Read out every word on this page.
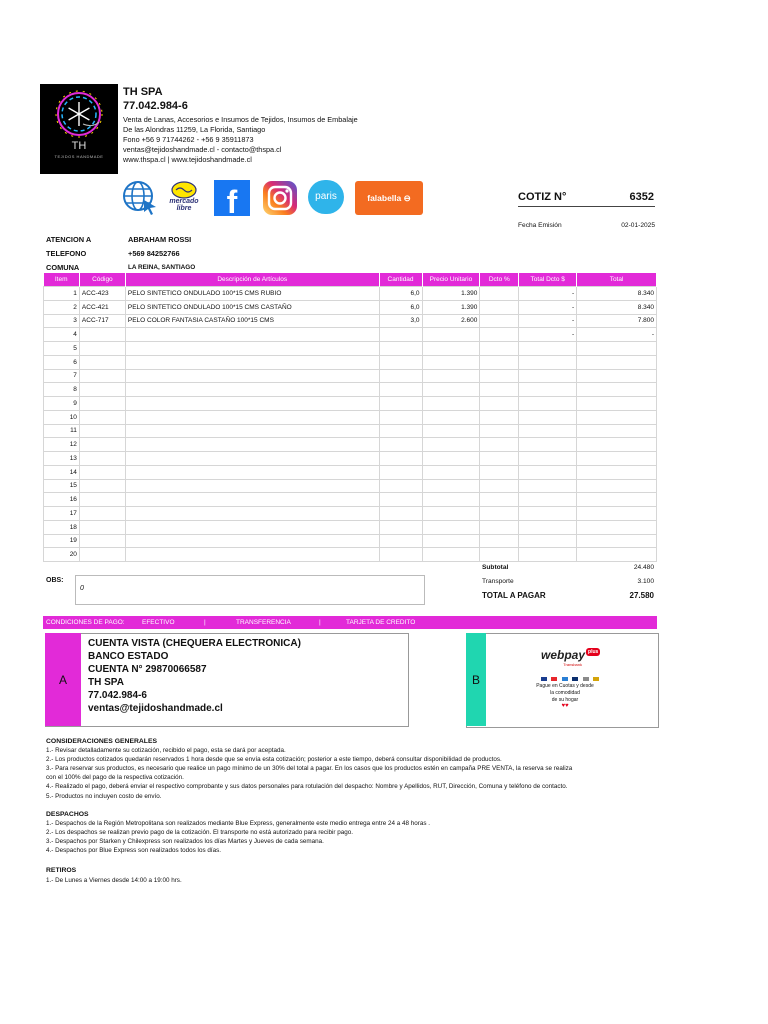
TH
TEJIDOS HANDMADE
TH SPA
77.042.984-6
Venta de Lanas, Accesorios e Insumos de Tejidos, Insumos de Embalaje
De las Alondras 11259, La Florida, Santiago
Fono +56 9 71744262 - +56 9 35911873
ventas@tejidoshandmade.cl - contacto@thspa.cl
www.thspa.cl | www.tejidoshandmade.cl
mercado
libre	f	paris	falabella ⊖	COTIZ N°	6352
Fecha Emisión	02-01-2025
ATENCION A	ABRAHAM ROSSI
TELEFONO	+569 84252766
COMUNA	LA REINA, SANTIAGO
Item	Código	Descripción de Artículos	Cantidad	Precio Unitario	Dcto %	Total Dcto $	Total
1	ACC-423	PELO SINTETICO ONDULADO 100*15 CMS RUBIO	6,0	1.390		-	8.340
2	ACC-421	PELO SINTETICO ONDULADO 100*15 CMS CASTAÑO	6,0	1.390		-	8.340
3	ACC-717	PELO COLOR FANTASIA CASTAÑO 100*15 CMS	3,0	2.600		-	7.800
4						-	-
5							
6							
7							
8							
9							
10							
11							
12							
13							
14							
15							
16							
17							
18							
19							
20							
OBS:
0
Subtotal	24.480
Transporte	3.100
TOTAL A PAGAR	27.580
CONDICIONES DE PAGO:	EFECTIVO	|	TRANSFERENCIA	|	TARJETA DE CREDITO
A
CUENTA VISTA (CHEQUERA ELECTRONICA)
BANCO ESTADO
CUENTA N° 29870066587
TH SPA
77.042.984-6
ventas@tejidoshandmade.cl
B
webpay plus
Transbank

Pague en Cuotas y desde
la comodidad
de su hogar
♥♥
CONSIDERACIONES GENERALES
1.- Revisar detalladamente su cotización, recibido el pago, esta se dará por aceptada.
2.- Los productos cotizados quedarán reservados 1 hora desde que se envía esta cotización; posterior a este tiempo, deberá consultar disponibilidad de productos.
3.- Para reservar sus productos, es necesario que realice un pago mínimo de un 30% del total a pagar. En los casos que los productos estén en campaña PRE VENTA, la reserva se realiza
con el 100% del pago de la respectiva cotización.
4.- Realizado el pago, deberá enviar el respectivo comprobante y sus datos personales para rotulación del despacho: Nombre y Apellidos, RUT, Dirección, Comuna y teléfono de contacto.
5.- Productos no incluyen costo de envío.
DESPACHOS
1.- Despachos de la Región Metropolitana son realizados mediante Blue Express, generalmente este medio entrega entre 24 a 48 horas .
2.- Los despachos se realizan previo pago de la cotización. El transporte no está autorizado para recibir pago.
3.- Despachos por Starken y Chilexpress son realizados los días Martes y Jueves de cada semana.
4.- Despachos por Blue Express son realizados todos los días.
RETIROS
1.- De Lunes a Viernes desde 14:00 a 19:00 hrs.
